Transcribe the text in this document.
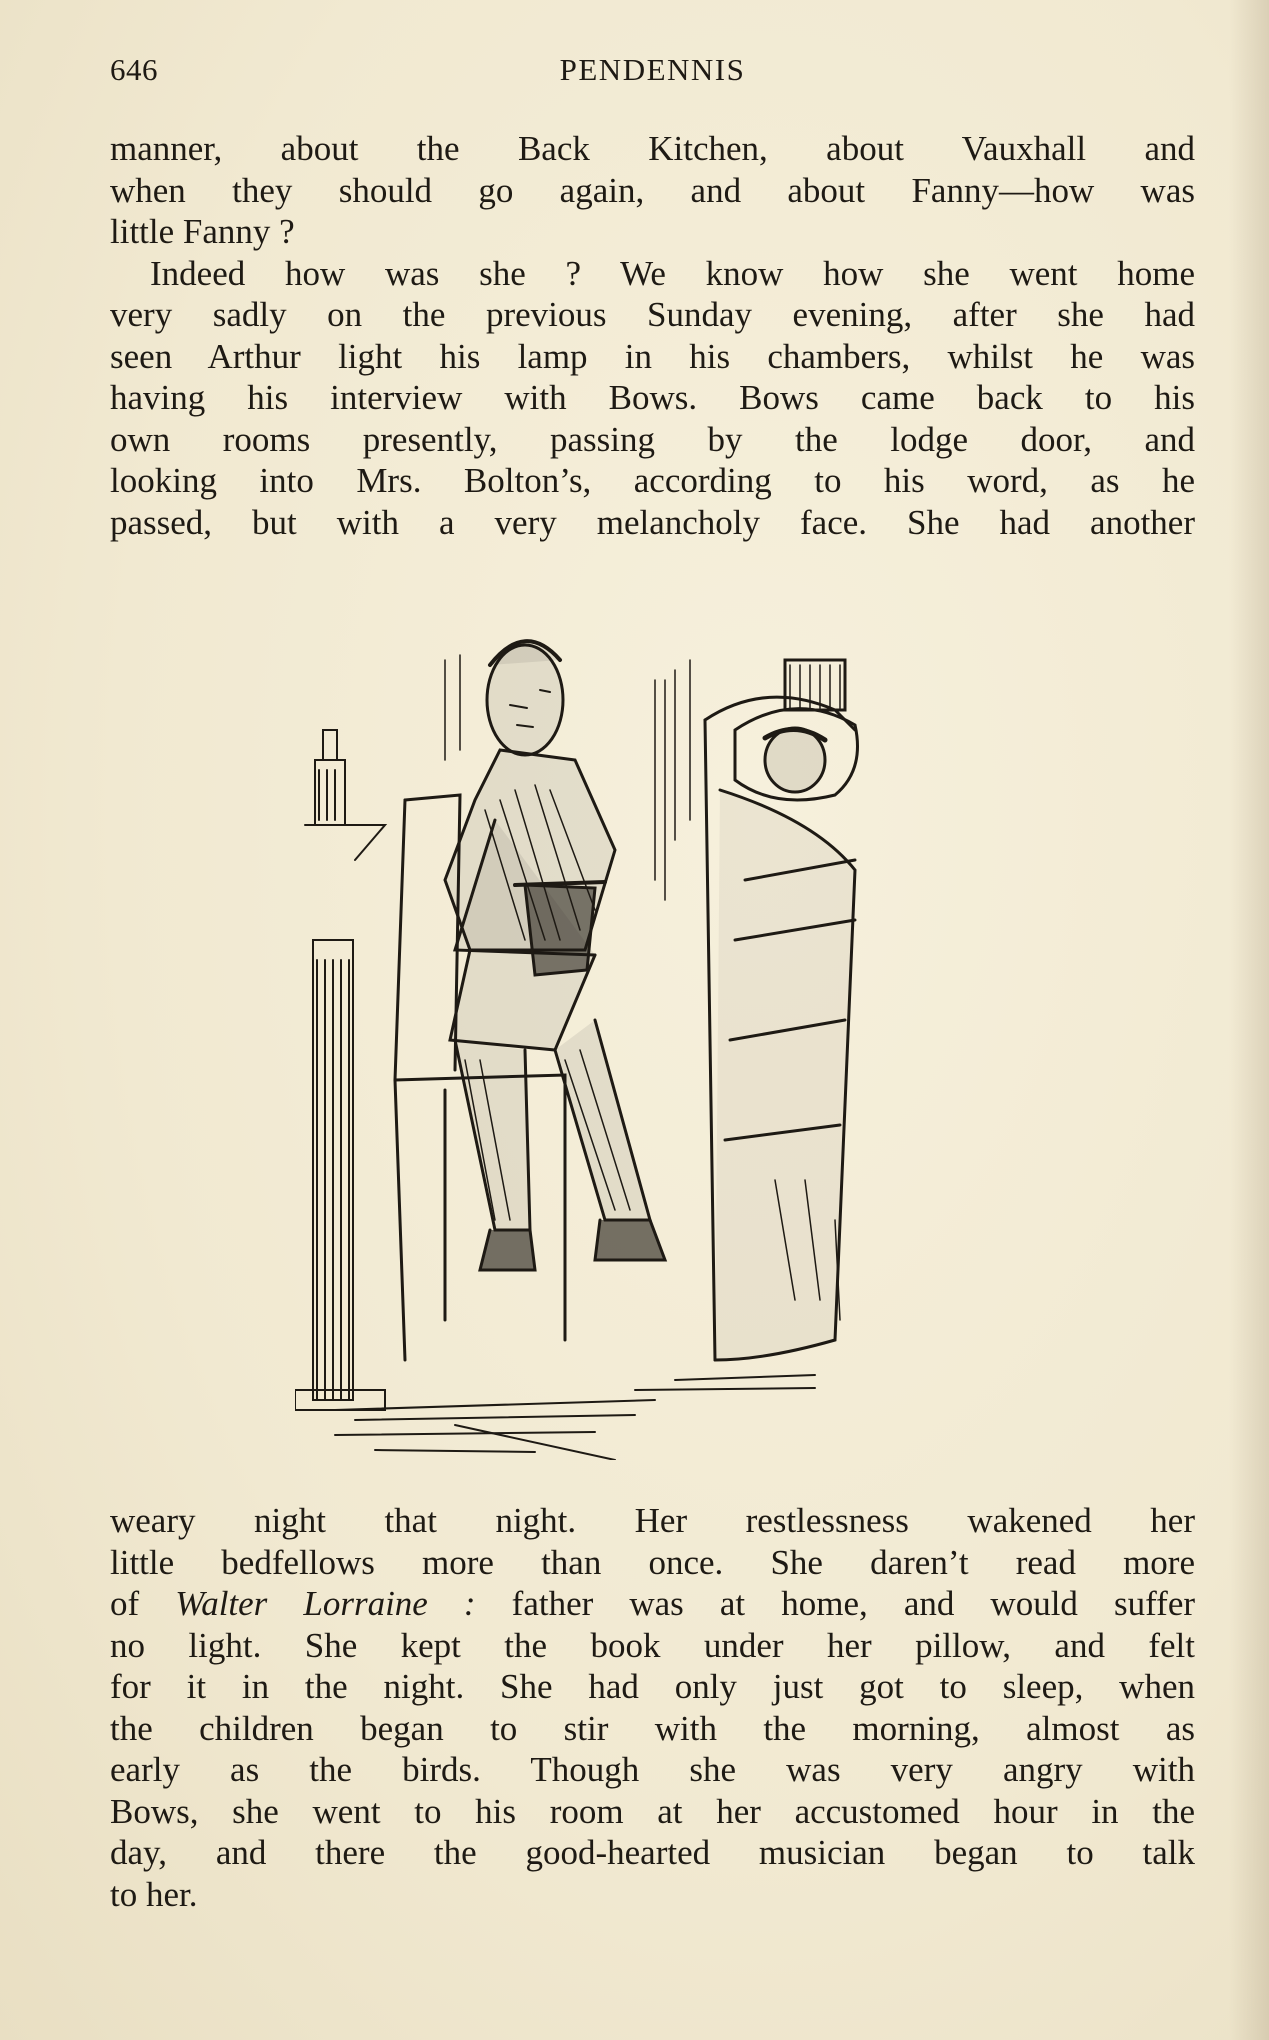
646	PENDENNIS
manner, about the Back Kitchen, about Vauxhall and
when they should go again, and about Fanny—how was
little Fanny ?
Indeed how was she ? We know how she went home
very sadly on the previous Sunday evening, after she had
seen Arthur light his lamp in his chambers, whilst he was
having his interview with Bows. Bows came back to his
own rooms presently, passing by the lodge door, and
looking into Mrs. Bolton’s, according to his word, as he
passed, but with a very melancholy face. She had another
weary night that night. Her restlessness wakened her
little bedfellows more than once. She daren’t read more
of Walter Lorraine : father was at home, and would suffer
no light. She kept the book under her pillow, and felt
for it in the night. She had only just got to sleep, when
the children began to stir with the morning, almost as
early as the birds. Though she was very angry with
Bows, she went to his room at her accustomed hour in the
day, and there the good-hearted musician began to talk
to her.
